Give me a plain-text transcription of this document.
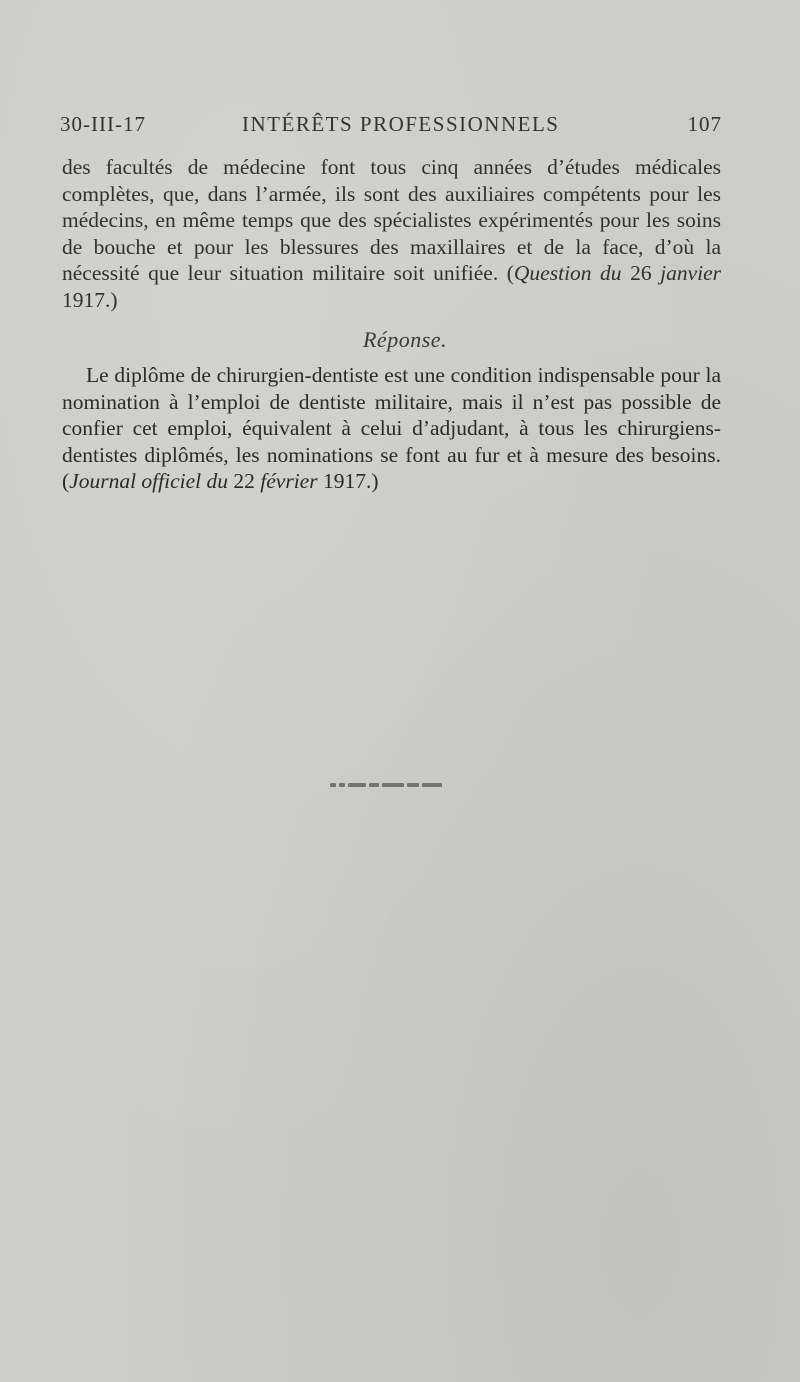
30-III-17	INTÉRÊTS PROFESSIONNELS	107
des facultés de médecine font tous cinq années d’études médicales complètes, que, dans l’armée, ils sont des auxiliaires compétents pour les médecins, en même temps que des spécialistes expérimentés pour les soins de bouche et pour les blessures des maxillaires et de la face, d’où la nécessité que leur situation militaire soit unifiée. (Question du 26 janvier 1917.)
Réponse.
Le diplôme de chirurgien-dentiste est une condition indispensable pour la nomination à l’emploi de dentiste militaire, mais il n’est pas possible de confier cet emploi, équivalent à celui d’adjudant, à tous les chirurgiens-dentistes diplômés, les nominations se font au fur et à mesure des besoins. (Journal officiel du 22 février 1917.)
